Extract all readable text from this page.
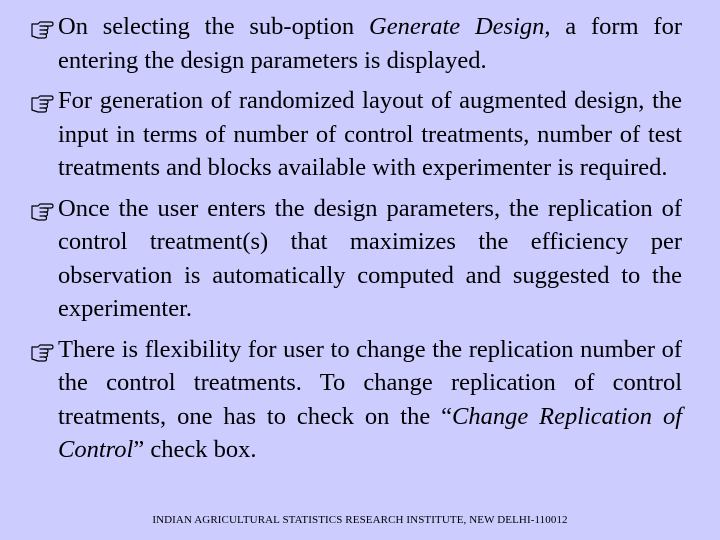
On selecting the sub-option Generate Design, a form for entering the design parameters is displayed.
For generation of randomized layout of augmented design, the input in terms of number of control treatments, number of test treatments and blocks available with experimenter is required.
Once the user enters the design parameters, the replication of control treatment(s) that maximizes the efficiency per observation is automatically computed and suggested to the experimenter.
There is flexibility for user to change the replication number of the control treatments. To change replication of control treatments, one has to check on the “Change Replication of Control” check box.
INDIAN AGRICULTURAL STATISTICS RESEARCH INSTITUTE, NEW DELHI-110012
